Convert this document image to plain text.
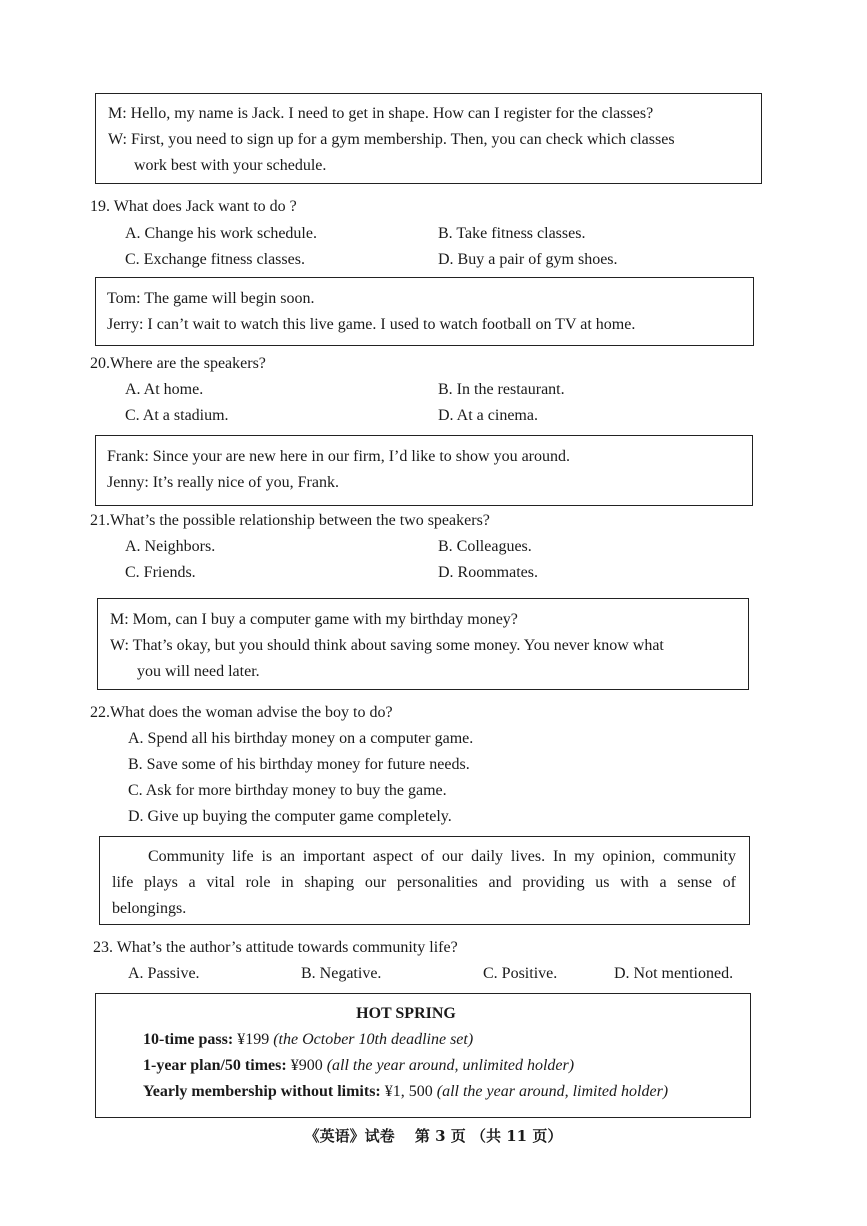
M: Hello, my name is Jack. I need to get in shape. How can I register for the classes?
W: First, you need to sign up for a gym membership. Then, you can check which classes
work best with your schedule.
19. What does Jack want to do ?
A. Change his work schedule.	B. Take fitness classes.
C. Exchange fitness classes.	D. Buy a pair of gym shoes.
Tom: The game will begin soon.
Jerry: I can’t wait to watch this live game. I used to watch football on TV at home.
20.Where are the speakers?
A. At home.	B. In the restaurant.
C. At a stadium.	D. At a cinema.
Frank: Since your are new here in our firm, I’d like to show you around.
Jenny: It’s really nice of you, Frank.
21.What’s the possible relationship between the two speakers?
A. Neighbors.	B. Colleagues.
C. Friends.	D. Roommates.
M: Mom, can I buy a computer game with my birthday money?
W: That’s okay, but you should think about saving some money. You never know what
you will need later.
22.What does the woman advise the boy to do?
A. Spend all his birthday money on a computer game.
B. Save some of his birthday money for future needs.
C. Ask for more birthday money to buy the game.
D. Give up buying the computer game completely.
Community life is an important aspect of our daily lives. In my opinion, community
life plays a vital role in shaping our personalities and providing us with a sense of
belongings.
23. What’s the author’s attitude towards community life?
A. Passive.	B. Negative.	C. Positive.	D. Not mentioned.
HOT SPRING
10-time pass: ¥199 (the October 10th deadline set)
1-year plan/50 times: ¥900 (all the year around, unlimited holder)
Yearly membership without limits: ¥1, 500 (all the year around, limited holder)
《英语》试卷　 第 3 页 （共 11 页）
